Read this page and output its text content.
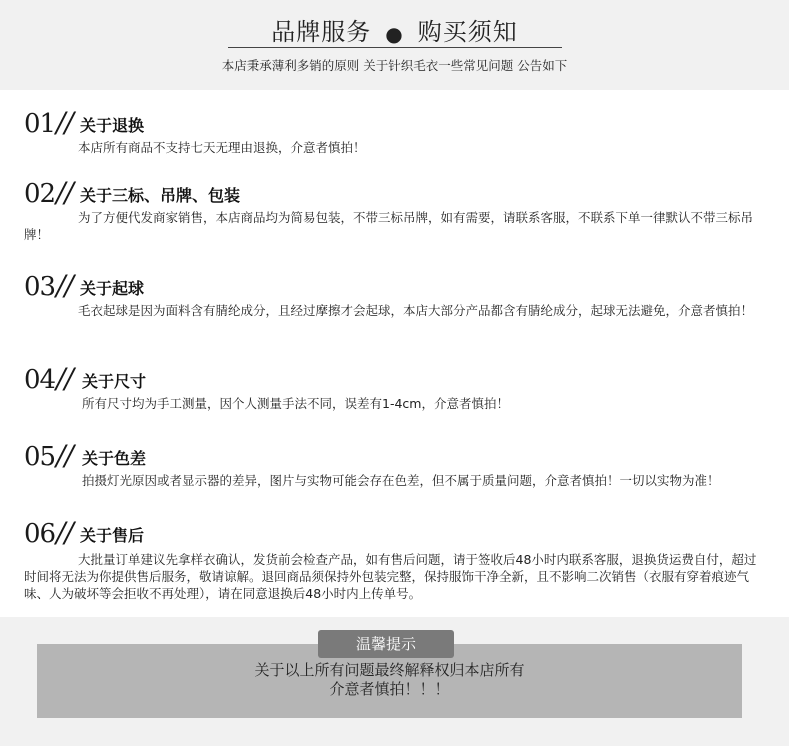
品牌服务 ● 购买须知
本店秉承薄利多销的原则 关于针织毛衣一些常见问题 公告如下
01// 关于退换
本店所有商品不支持七天无理由退换，介意者慎拍！
02// 关于三标、吊牌、包装
为了方便代发商家销售，本店商品均为简易包装，不带三标吊牌，如有需要，请联系客服，不联系下单一律默认不带三标吊牌！
03// 关于起球
毛衣起球是因为面料含有腈纶成分，且经过摩擦才会起球，本店大部分产品都含有腈纶成分，起球无法避免，介意者慎拍！
04// 关于尺寸
所有尺寸均为手工测量，因个人测量手法不同，误差有1-4cm，介意者慎拍！
05// 关于色差
拍摄灯光原因或者显示器的差异，图片与实物可能会存在色差，但不属于质量问题，介意者慎拍！一切以实物为准！
06// 关于售后
大批量订单建议先拿样衣确认，发货前会检查产品，如有售后问题，请于签收后48小时内联系客服，退换货运费自付，超过时间将无法为你提供售后服务，敬请谅解。退回商品须保持外包装完整，保持服饰干净全新，且不影响二次销售（衣服有穿着痕迹气味、人为破坏等会拒收不再处理），请在同意退换后48小时内上传单号。
温馨提示
关于以上所有问题最终解释权归本店所有
介意者慎拍！！！
